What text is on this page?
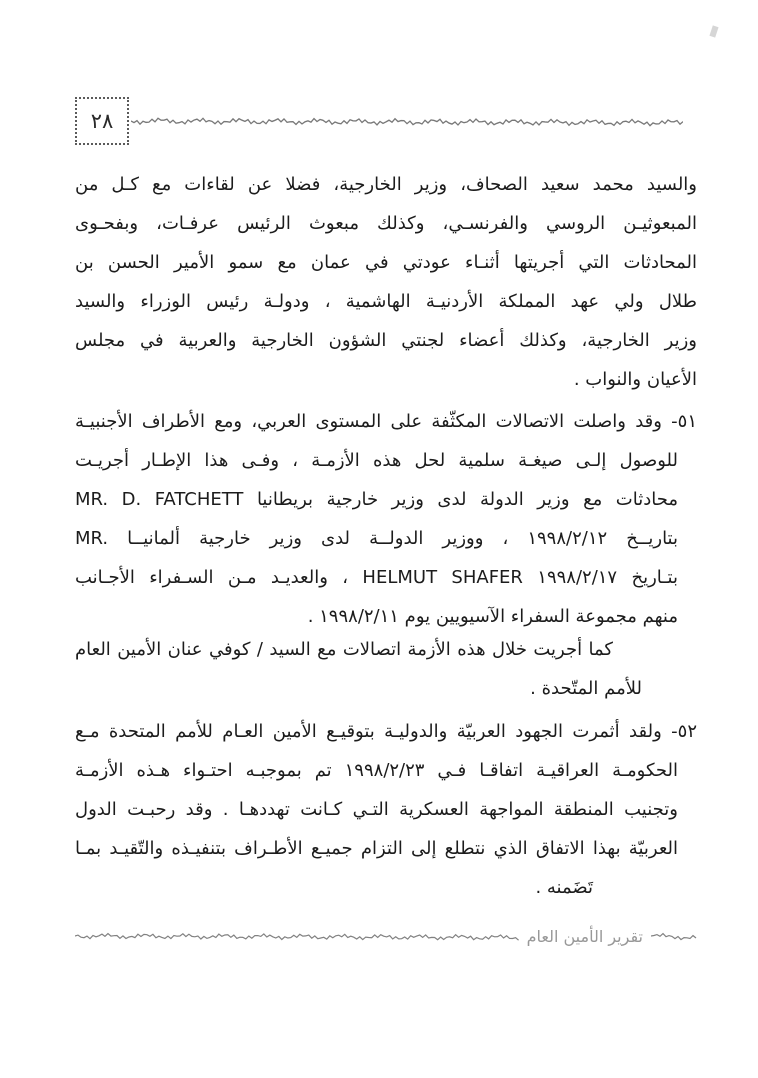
٢٨
والسيد محمد سعيد الصحاف، وزير الخارجية، فضلا عن لقاءات مع كـل من
المبعوثيـن الروسي والفرنسـي، وكذلك مبعوث الرئيس عرفـات، وبفحـوى
المحادثات التي أجريتها أثنـاء عودتي في عمان مع سمو الأمير الحسن بن
طلال ولي عهد المملكة الأردنيـة الهاشمية ، ودولـة رئيس الوزراء والسيد
وزير الخارجية، وكذلك أعضاء لجنتي الشؤون الخارجية والعربية في مجلس
الأعيان والنواب .
٥١- وقد واصلت الاتصالات المكثّفة على المستوى العربي، ومع الأطراف الأجنبيـة
للوصول إلـى صيغـة سلمية لحل هذه الأزمـة ، وفـى هذا الإطـار أجريـت
محادثات مع وزير الدولة لدى وزير خارجية بريطانيا MR. D. FATCHETT‎
بتاريــخ ١٩٩٨/٢/١٢ ، ووزير الدولــة لدى وزير خارجية ألمانيــا MR.‎
بتـاريخ ١٩٩٨/٢/١٧ HELMUT SHAFER ، والعديـد مـن السـفراء الأجـانب
منهم مجموعة السفراء الآسيويين يوم ١٩٩٨/٢/١١ .
كما أجريت خلال هذه الأزمة اتصالات مع السيد / كوفي عنان الأمين العام
للأمم المتّحدة .
٥٢- ولقد أثمرت الجهود العربيّة والدوليـة بتوقيـع الأمين العـام للأمم المتحدة مـع
الحكومـة العراقيـة اتفاقـا فـي ١٩٩٨/٢/٢٣ تم بموجبـه احتـواء هـذه الأزمـة
وتجنيب المنطقة المواجهة العسكرية التـي كـانت تهددهـا . وقد رحبـت الدول
العربيّة بهذا الاتفاق الذي نتطلع إلى التزام جميـع الأطـراف بتنفيـذه والتّقيـد بمـا
تَضَمنه .
تقرير الأمين العام
